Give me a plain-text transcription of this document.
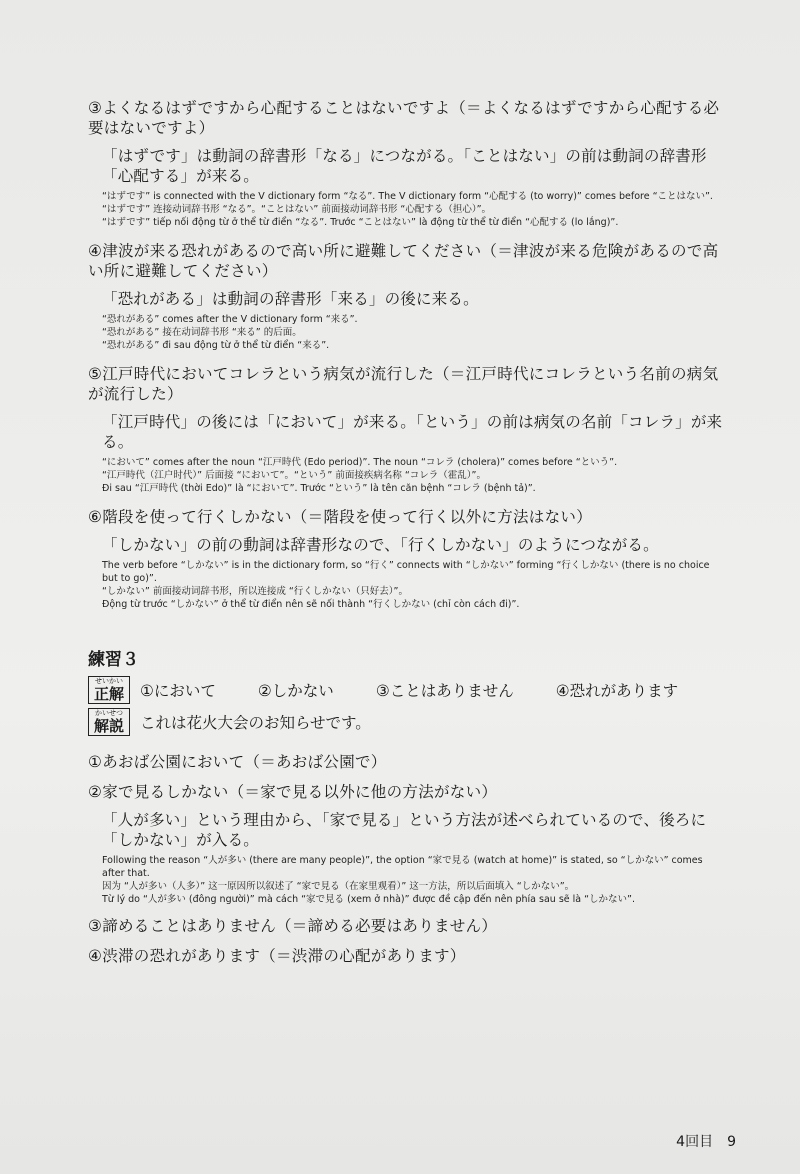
③よくなるはずですから心配することはないですよ（＝よくなるはずですから心配する必要はないですよ）

「はずです」は動詞の辞書形「なる」につながる。「ことはない」の前は動詞の辞書形「心配する」が来る。

“はずです” is connected with the V dictionary form “なる”. The V dictionary form “心配する (to worry)” comes before “ことはない”.

“はずです” 连接动词辞书形 “なる”。“ことはない” 前面接动词辞书形 “心配する（担心）”。

“はずです” tiếp nối động từ ở thể từ điển “なる”. Trước “ことはない” là động từ thể từ điển “心配する (lo lắng)”.

④津波が来る恐れがあるので高い所に避難してください（＝津波が来る危険があるので高い所に避難してください）

「恐れがある」は動詞の辞書形「来る」の後に来る。

“恐れがある” comes after the V dictionary form “来る”.

“恐れがある” 接在动词辞书形 “来る” 的后面。

“恐れがある” đi sau động từ ở thể từ điển “来る”.

⑤江戸時代においてコレラという病気が流行した（＝江戸時代にコレラという名前の病気が流行した）

「江戸時代」の後には「において」が来る。「という」の前は病気の名前「コレラ」が来る。

“において” comes after the noun “江戸時代 (Edo period)”. The noun “コレラ (cholera)” comes before “という”.

“江戸時代（江户时代）” 后面接 “において”。“という” 前面接疾病名称 “コレラ（霍乱）”。

Đi sau “江戸時代 (thời Edo)” là “において”. Trước “という” là tên căn bệnh “コレラ (bệnh tả)”.

⑥階段を使って行くしかない（＝階段を使って行く以外に方法はない）

「しかない」の前の動詞は辞書形なので、「行くしかない」のようにつながる。

The verb before “しかない” is in the dictionary form, so “行く” connects with “しかない” forming “行くしかない (there is no choice but to go)”.

“しかない” 前面接动词辞书形，所以连接成 “行くしかない（只好去）”。

Động từ trước “しかない” ở thể từ điển nên sẽ nối thành “行くしかない (chỉ còn cách đi)”.

練習３
せいかい
正解 ①において	②しかない	③ことはありません	④恐れがあります
かいせつ
解説 これは花火大会のお知らせです。

①あおば公園において（＝あおば公園で）

②家で見るしかない（＝家で見る以外に他の方法がない）

「人が多い」という理由から、「家で見る」という方法が述べられているので、後ろに「しかない」が入る。

Following the reason “人が多い (there are many people)”, the option “家で見る (watch at home)” is stated, so “しかない” comes after that.

因为 “人が多い（人多）” 这一原因所以叙述了 “家で見る（在家里观看）” 这一方法，所以后面填入 “しかない”。

Từ lý do “人が多い (đông người)” mà cách “家で見る (xem ở nhà)” được đề cập đến nên phía sau sẽ là “しかない”.

③諦めることはありません（＝諦める必要はありません）

④渋滞の恐れがあります（＝渋滞の心配があります）

4回目　9
